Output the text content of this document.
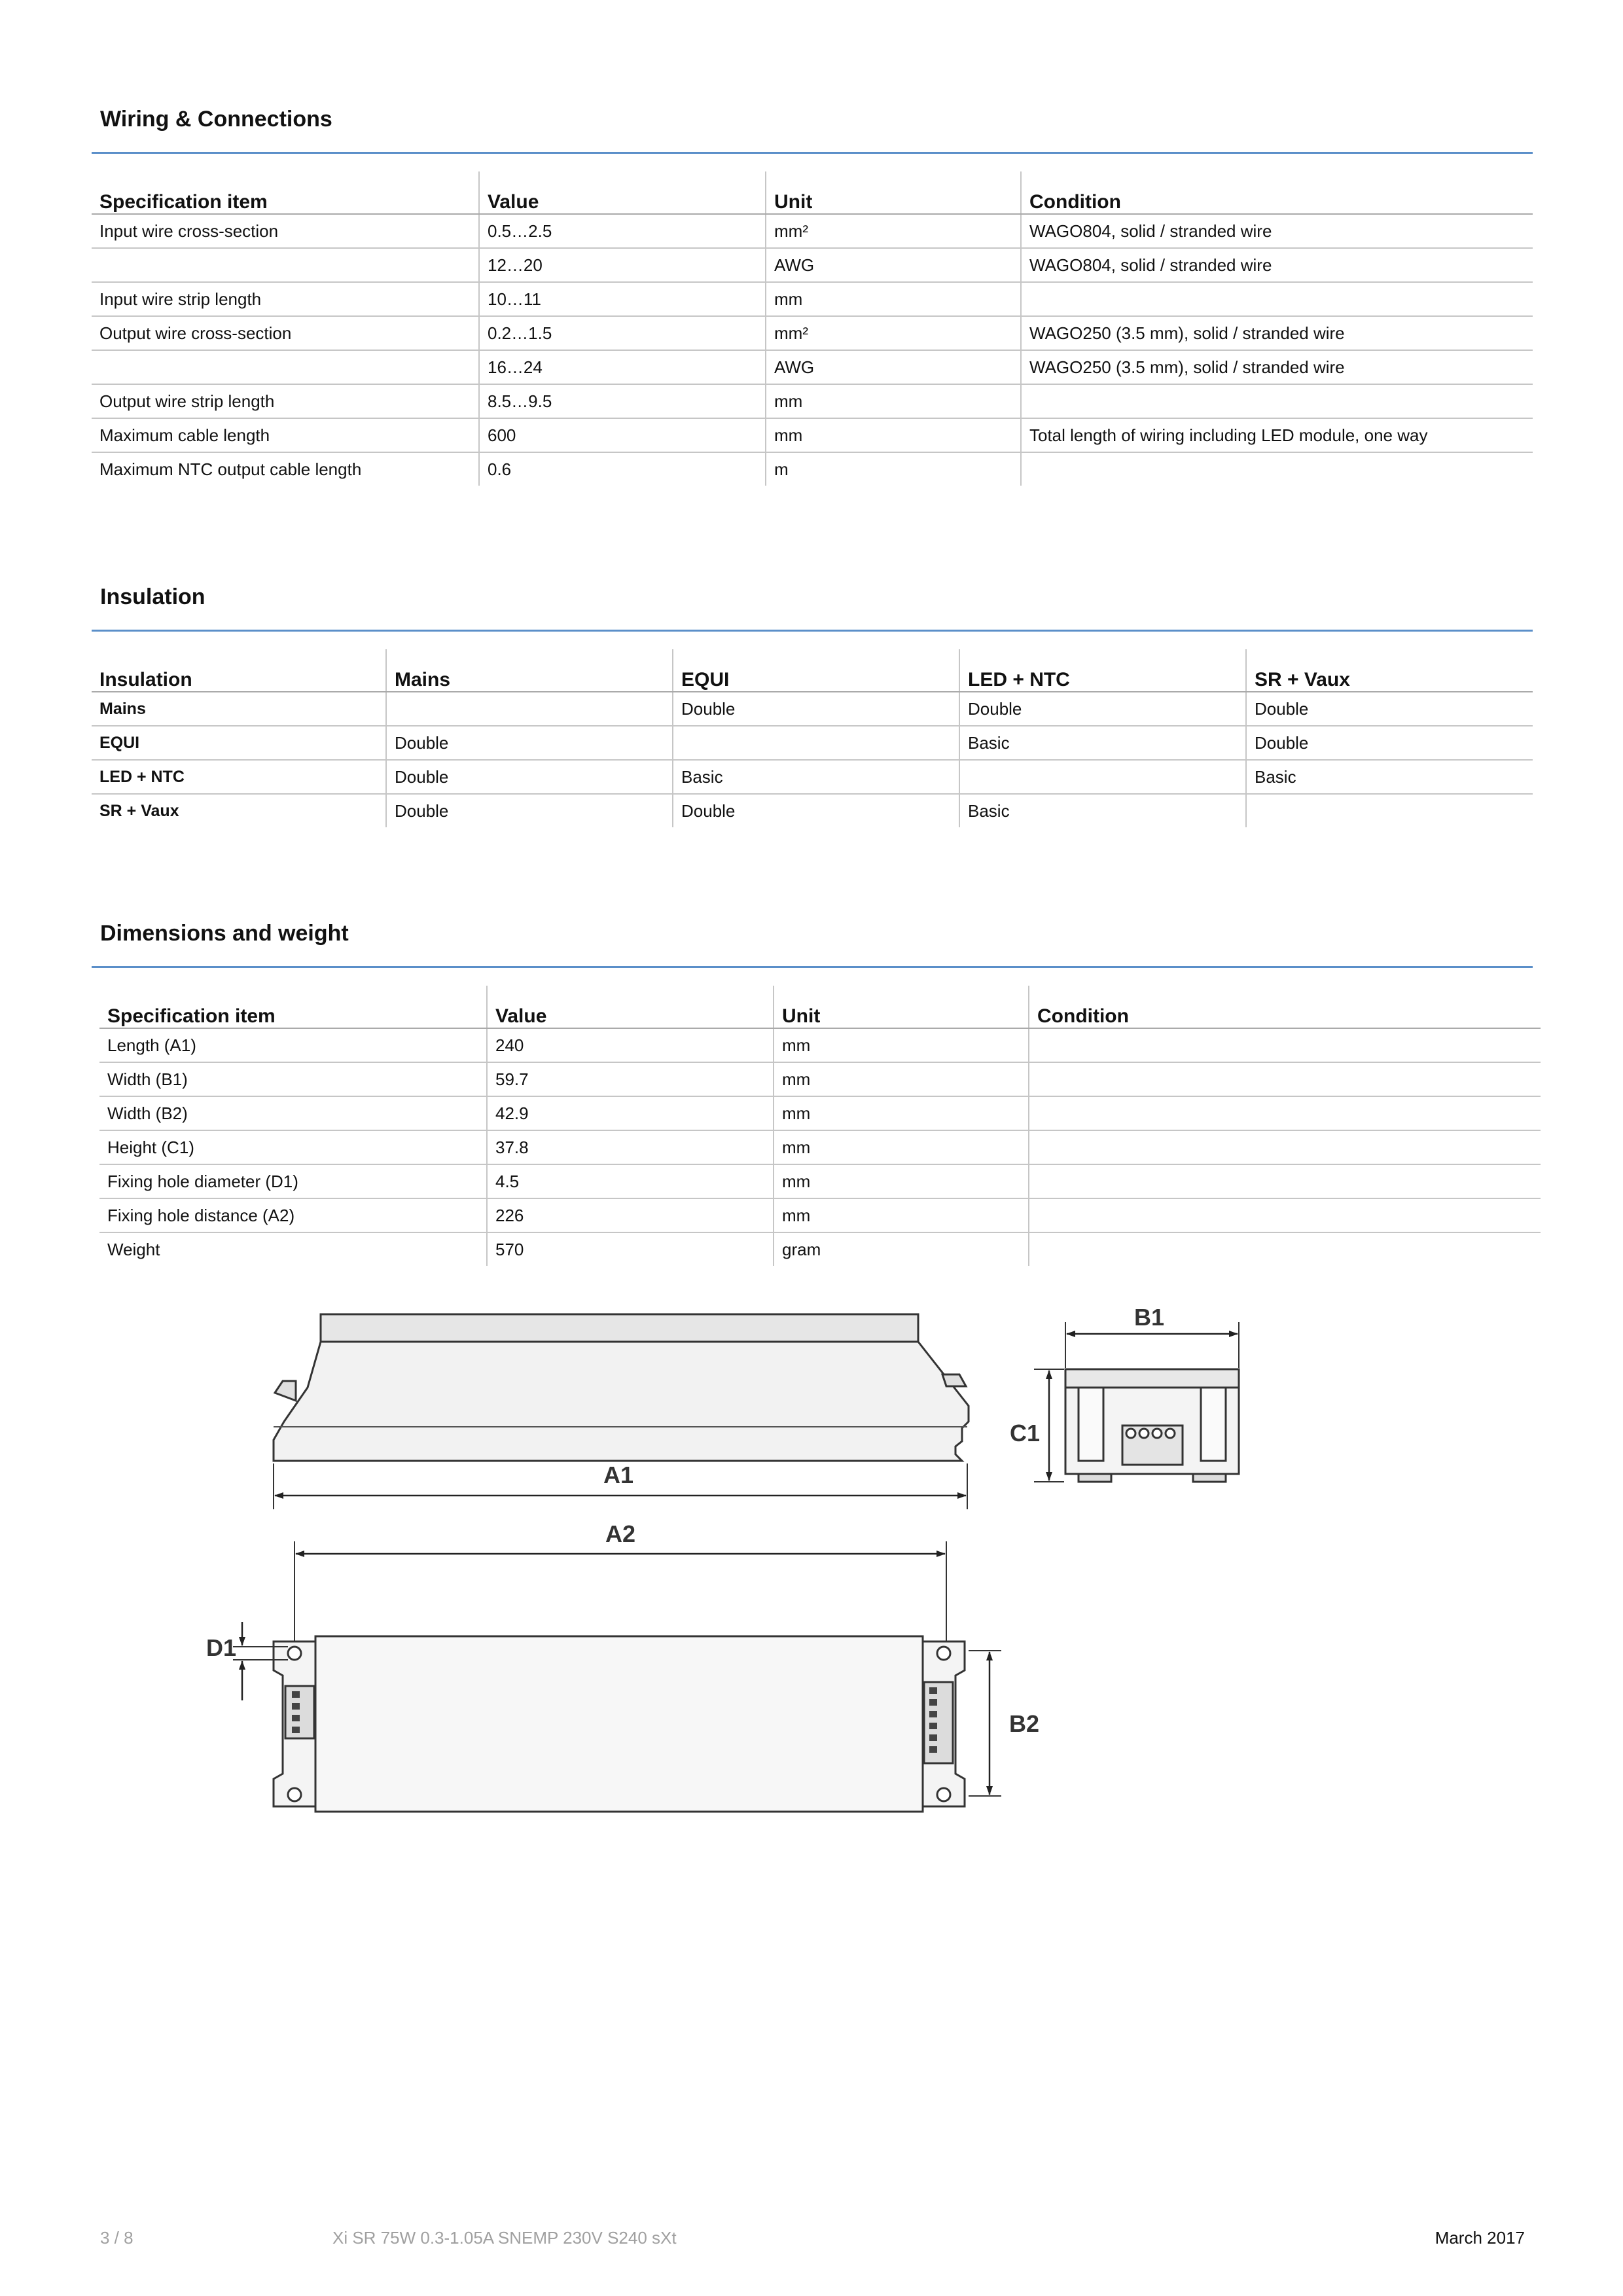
Wiring & Connections
Specification item	Value	Unit	Condition
Input wire cross-section	0.5…2.5	mm²	WAGO804, solid / stranded wire
	12…20	AWG	WAGO804, solid / stranded wire
Input wire strip length	10…11	mm	
Output wire cross-section	0.2…1.5	mm²	WAGO250 (3.5 mm), solid / stranded wire
	16…24	AWG	WAGO250 (3.5 mm), solid / stranded wire
Output wire strip length	8.5…9.5	mm	
Maximum cable length	600	mm	Total length of wiring including LED module, one way
Maximum NTC output cable length	0.6	m	
Insulation
Insulation	Mains	EQUI	LED + NTC	SR + Vaux
Mains		Double	Double	Double
EQUI	Double		Basic	Double
LED + NTC	Double	Basic		Basic
SR + Vaux	Double	Double	Basic	
Dimensions and weight
Specification item	Value	Unit	Condition
Length (A1)	240	mm	
Width (B1)	59.7	mm	
Width (B2)	42.9	mm	
Height (C1)	37.8	mm	
Fixing hole diameter (D1)	4.5	mm	
Fixing hole distance (A2)	226	mm	
Weight	570	gram	
A1
B1
C1
A2
B2
D1
3 / 8	Xi SR 75W 0.3-1.05A SNEMP 230V S240 sXt	March 2017
